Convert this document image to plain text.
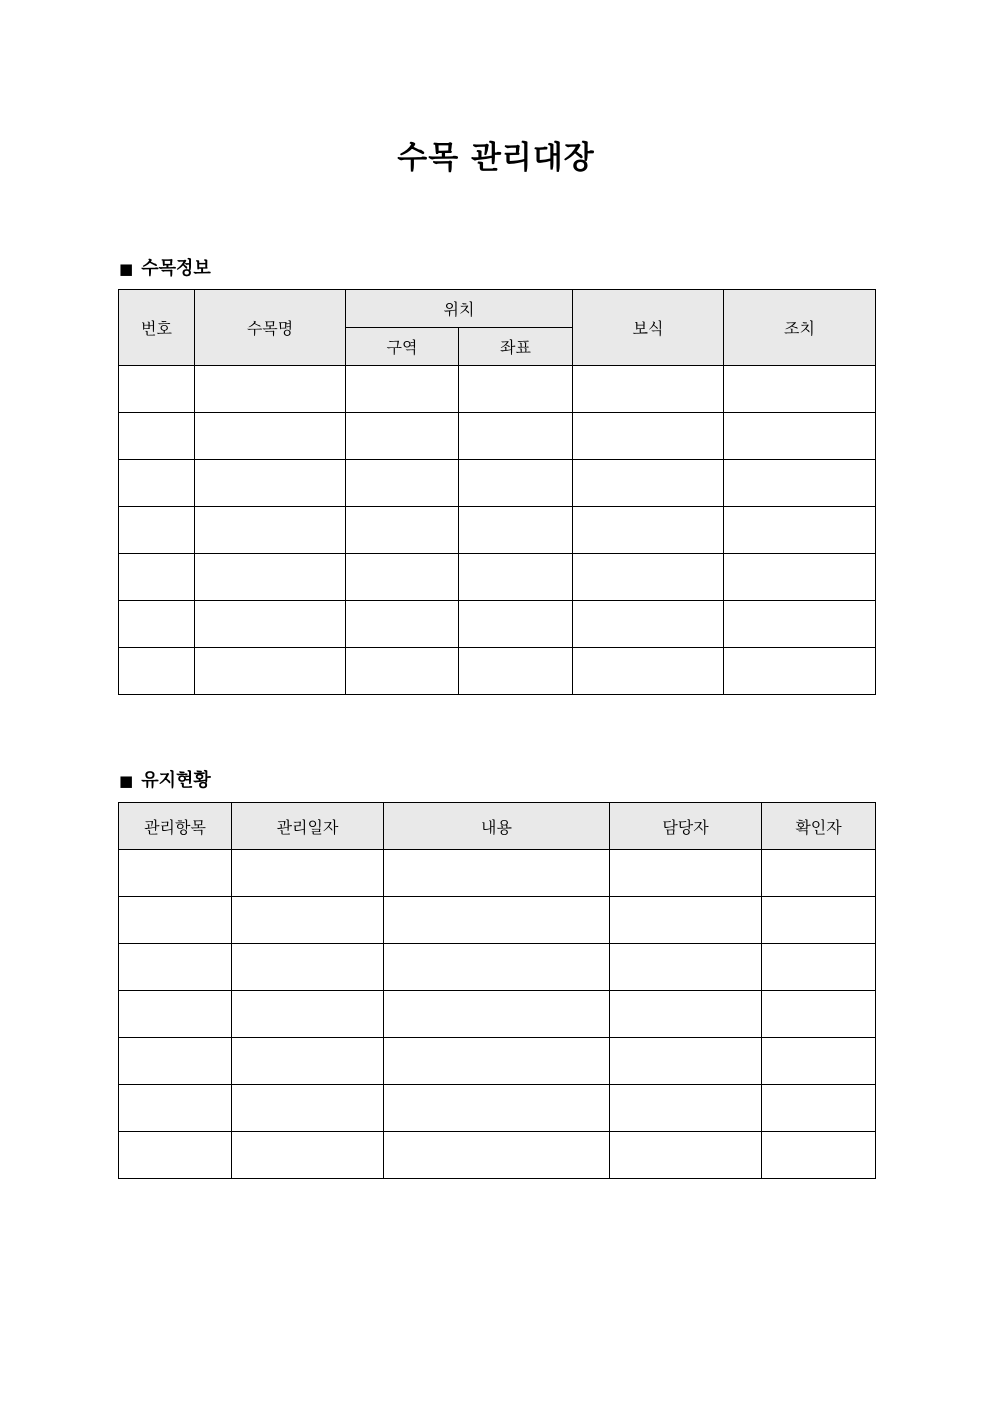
수목 관리대장
■ 수목정보
번호	수목명	위치		보식	조치
		구역	좌표		

■ 유지현황
관리항목	관리일자	내용	담당자	확인자
